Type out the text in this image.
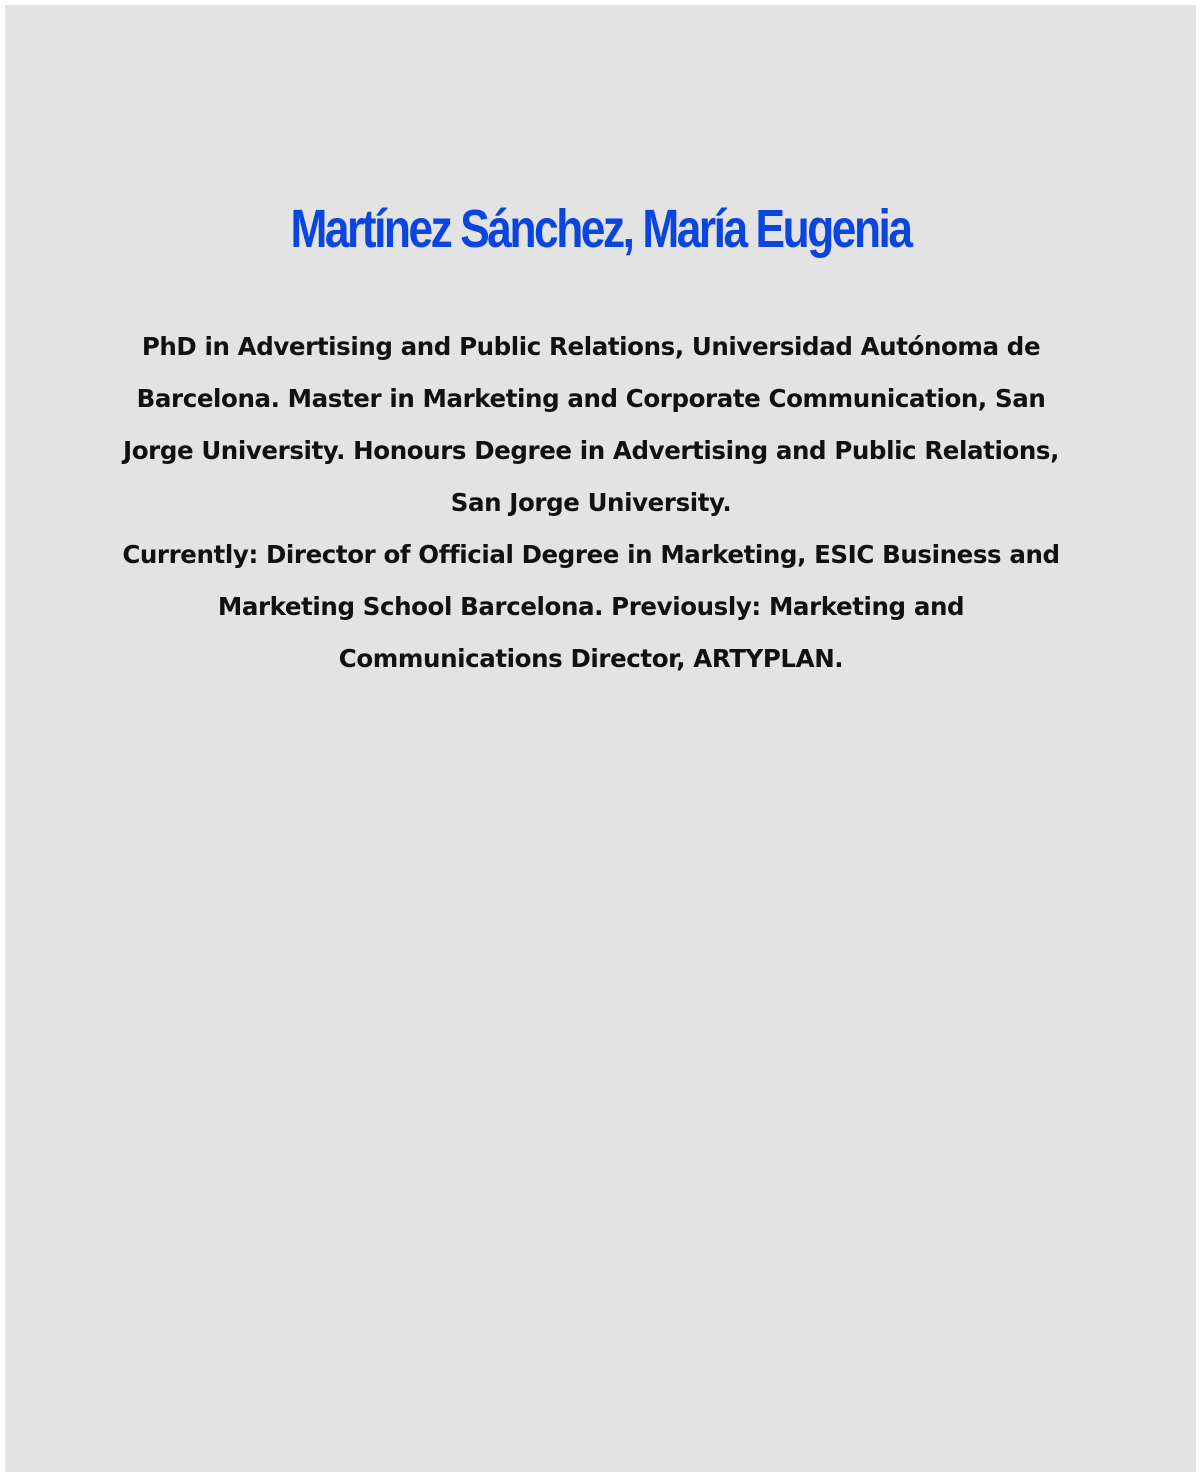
Martínez Sánchez, María Eugenia

PhD in Advertising and Public Relations, Universidad Autónoma de Barcelona. Master in Marketing and Corporate Communication, San Jorge University. Honours Degree in Advertising and Public Relations, San Jorge University.

Currently: Director of Official Degree in Marketing, ESIC Business and Marketing School Barcelona. Previously: Marketing and Communications Director, ARTYPLAN.
